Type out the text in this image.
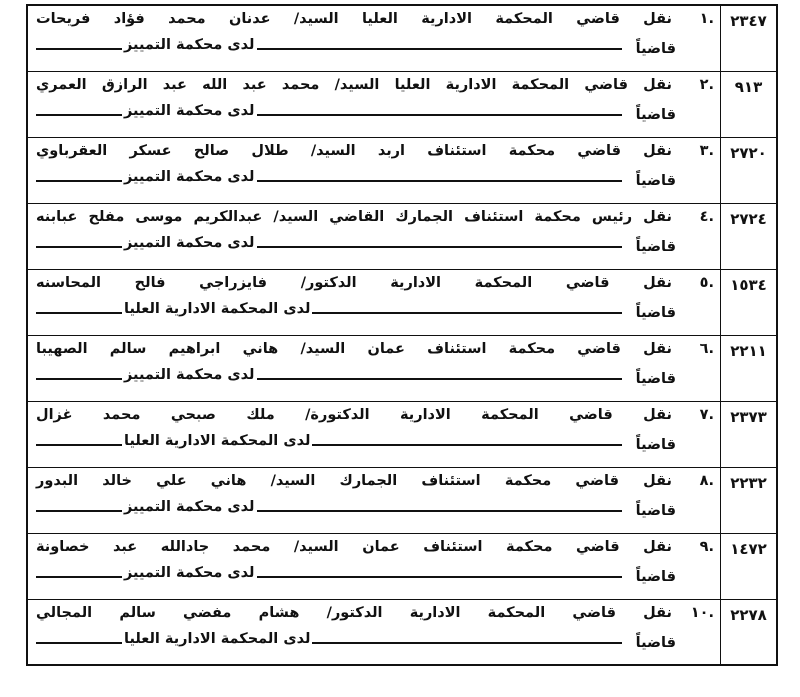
٢٣٤٧	.١
نقل قاضي المحكمة الادارية العليا السيد/ عدنان محمد فؤاد فريحات
قاضياً
لدى محكمة التمييز

٩١٣	.٢
نقل قاضي المحكمة الادارية العليا السيد/ محمد عبد الله عبد الرازق العمري
قاضياً
لدى محكمة التمييز

٢٧٢٠	.٣
نقل قاضي محكمة استئناف اربد السيد/ طلال صالح عسكر العقرباوي
قاضياً
لدى محكمة التمييز

٢٧٢٤	.٤
نقل رئيس محكمة استئناف الجمارك القاضي السيد/ عبدالكريم موسى مفلح عبابنه
قاضياً
لدى محكمة التمييز

١٥٣٤	.٥
نقل قاضي المحكمة الادارية الدكتور/ فايزراجي فالح المحاسنه
قاضياً
لدى المحكمة الادارية العليا

٢٢١١	.٦
نقل قاضي محكمة استئناف عمان السيد/ هاني ابراهيم سالم الصهيبا
قاضياً
لدى محكمة التمييز

٢٣٧٣	.٧
نقل قاضي المحكمة الادارية الدكتورة/ ملك صبحي محمد غزال
قاضياً
لدى المحكمة الادارية العليا

٢٢٣٢	.٨
نقل قاضي محكمة استئناف الجمارك السيد/ هاني علي خالد البدور
قاضياً
لدى محكمة التمييز

١٤٧٢	.٩
نقل قاضي محكمة استئناف عمان السيد/ محمد جادالله عبد خصاونة
قاضياً
لدى محكمة التمييز

٢٢٧٨	.١٠
نقل قاضي المحكمة الادارية الدكتور/ هشام مفضي سالم المجالي
قاضياً
لدى المحكمة الادارية العليا
